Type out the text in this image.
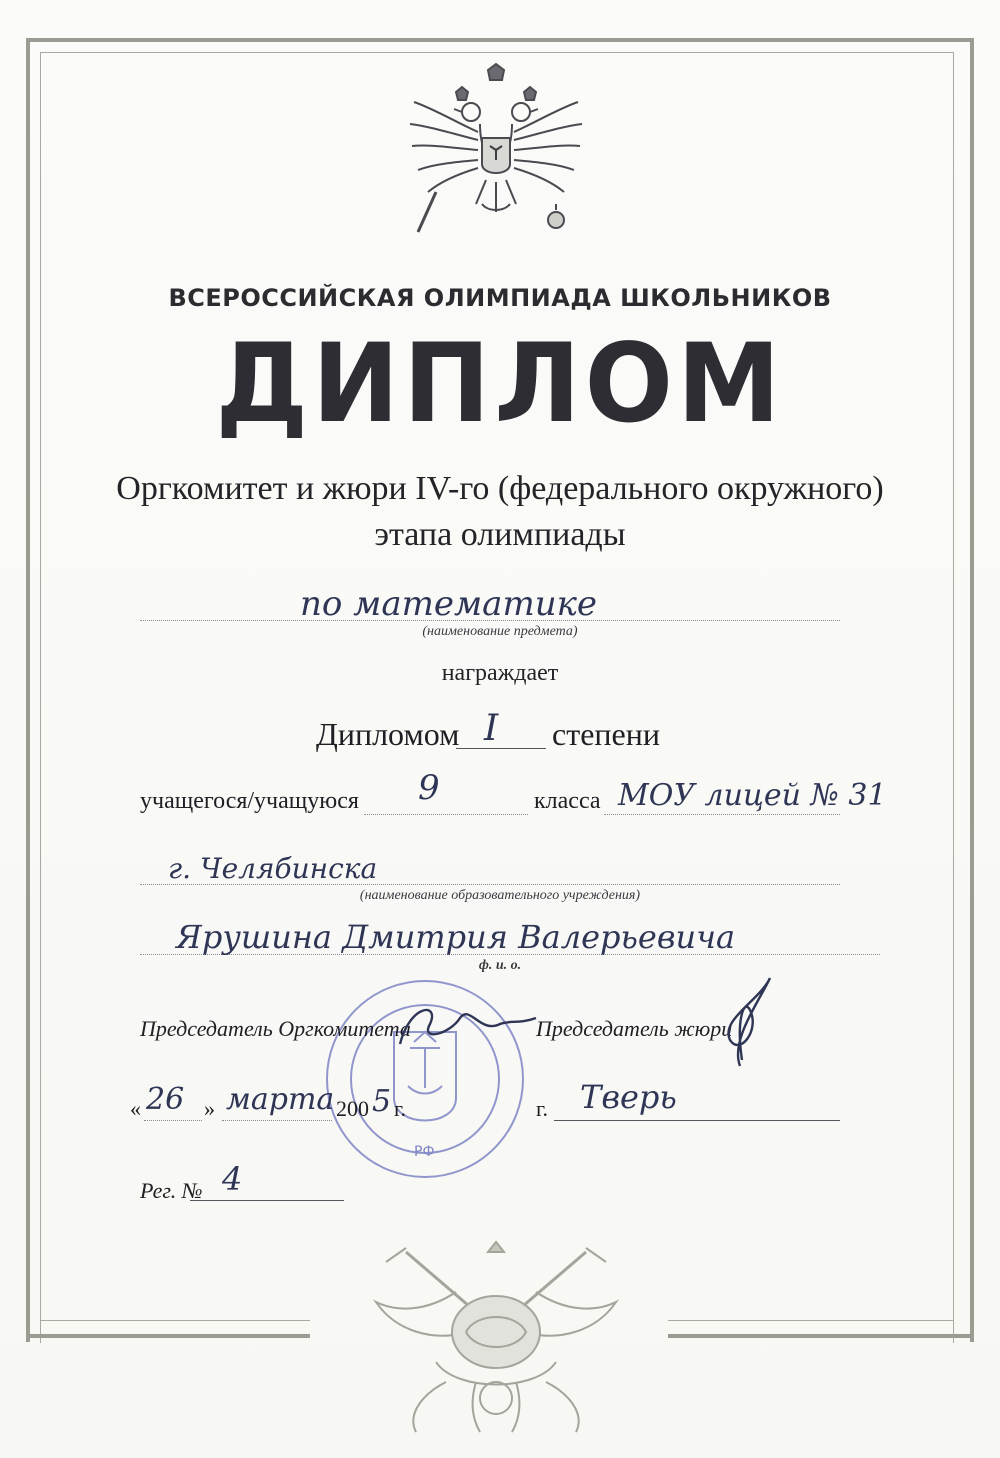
ВСЕРОССИЙСКАЯ ОЛИМПИАДА ШКОЛЬНИКОВ
ДИПЛОМ
Оргкомитет и жюри IV-го (федерального окружного)
этапа олимпиады
по математике
(наименование предмета)
награждает
Дипломом I степени
учащегося/учащуюся 9	класса МОУ лицей № 31
г. Челябинска
(наименование образовательного учреждения)
Ярушина Дмитрия Валерьевича
ф. и. о.
РФ
Председатель Оргкомитета	Председатель жюри
« 26 » марта 200 5 г.	г. Тверь
Рег. № 4
